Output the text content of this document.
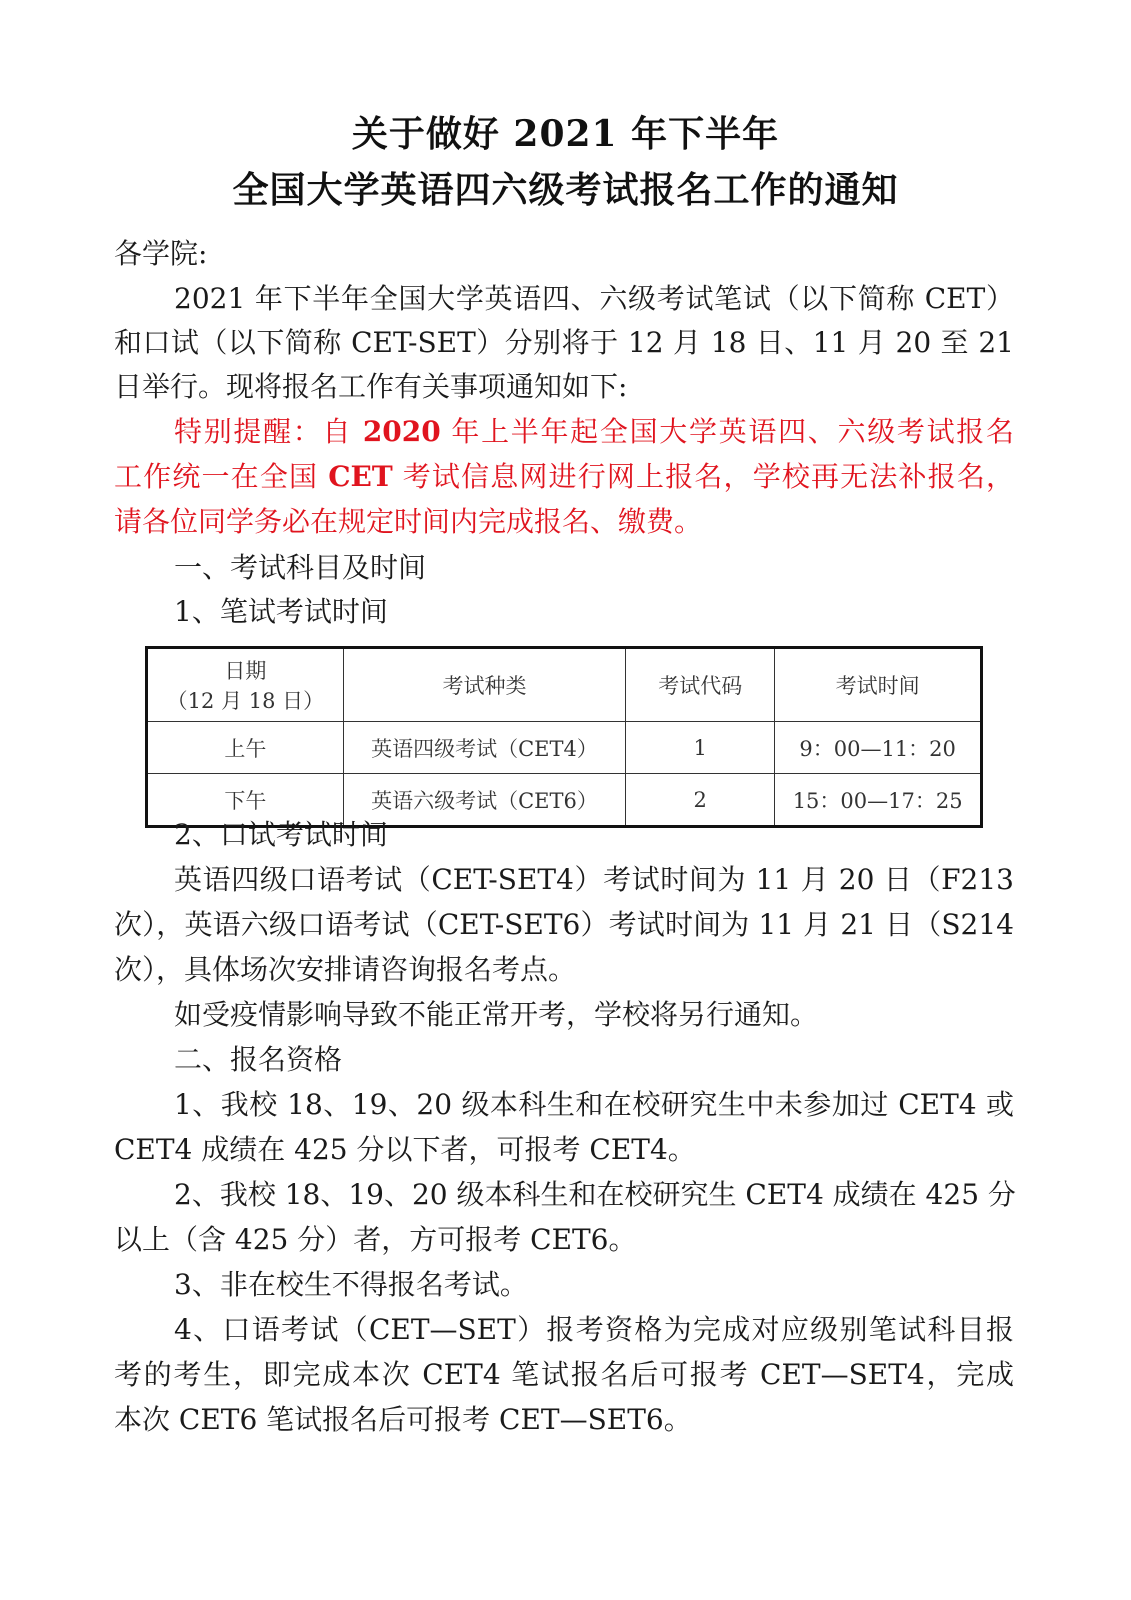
关于做好 2021 年下半年
全国大学英语四六级考试报名工作的通知
各学院:
2021 年下半年全国大学英语四、六级考试笔试（以下简称 CET）
和口试（以下简称 CET-SET）分别将于 12 月 18 日、11 月 20 至 21
日举行。现将报名工作有关事项通知如下:
特别提醒：自 2020 年上半年起全国大学英语四、六级考试报名
工作统一在全国 CET 考试信息网进行网上报名，学校再无法补报名，
请各位同学务必在规定时间内完成报名、缴费。
一、考试科目及时间
1、笔试考试时间
日期
（12 月 18 日）	考试种类	考试代码	考试时间
上午	英语四级考试（CET4）	1	9：00—11：20
下午	英语六级考试（CET6）	2	15：00—17：25
2、口试考试时间
英语四级口语考试（CET-SET4）考试时间为 11 月 20 日（F213
次），英语六级口语考试（CET-SET6）考试时间为 11 月 21 日（S214
次），具体场次安排请咨询报名考点。
如受疫情影响导致不能正常开考，学校将另行通知。
二、报名资格
1、我校 18、19、20 级本科生和在校研究生中未参加过 CET4 或
CET4 成绩在 425 分以下者，可报考 CET4。
2、我校 18、19、20 级本科生和在校研究生 CET4 成绩在 425 分
以上（含 425 分）者，方可报考 CET6。
3、非在校生不得报名考试。
4、口语考试（CET—SET）报考资格为完成对应级别笔试科目报
考的考生，即完成本次 CET4 笔试报名后可报考 CET—SET4，完成
本次 CET6 笔试报名后可报考 CET—SET6。
